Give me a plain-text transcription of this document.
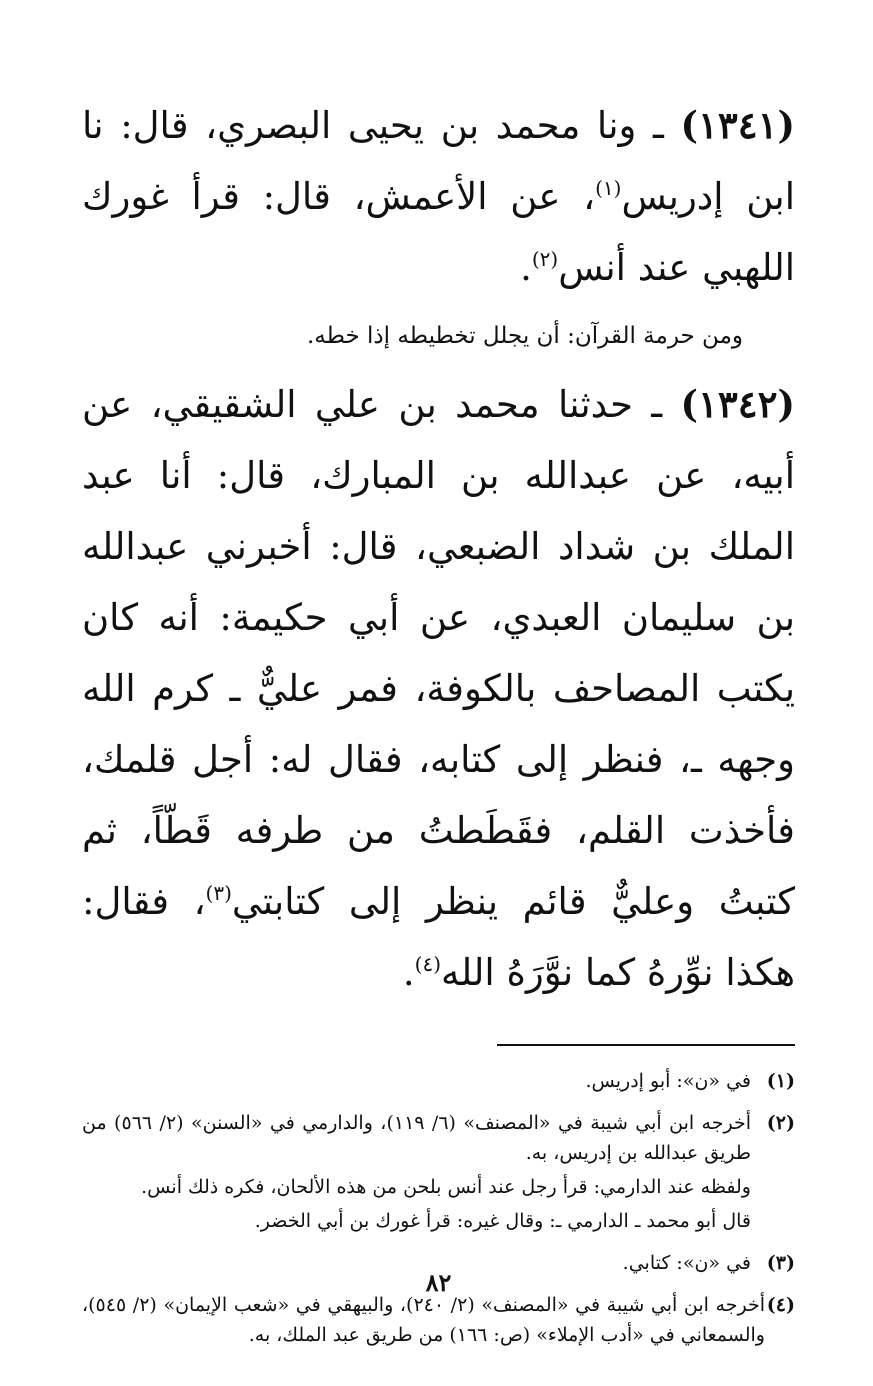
(١٣٤١) ـ ونا محمد بن يحيى البصري، قال: نا ابن إدريس$^{(١)}$، عن الأعمش، قال: قرأ غورك اللهبي عند أنس$^{(٢)}$.

ومن حرمة القرآن: أن يجلل تخطيطه إذا خطه.

(١٣٤٢) ـ حدثنا محمد بن علي الشقيقي، عن أبيه، عن عبدالله بن المبارك، قال: أنا عبد الملك بن شداد الضبعي، قال: أخبرني عبدالله بن سليمان العبدي، عن أبي حكيمة: أنه كان يكتب المصاحف بالكوفة، فمر عليٌّ ـ كرم الله وجهه ـ، فنظر إلى كتابه، فقال له: أجل قلمك، فأخذت القلم، فقَطَطتُ من طرفه قَطّاً، ثم كتبتُ وعليٌّ قائم ينظر إلى كتابتي$^{(٣)}$، فقال: هكذا نوِّرهُ كما نوَّرَهُ الله$^{(٤)}$.

(١)

في «ن»: أبو إدريس.

(٢)

أخرجه ابن أبي شيبة في «المصنف» (٦/ ١١٩)، والدارمي في «السنن» (٢/ ٥٦٦) من طريق عبدالله بن إدريس، به.

ولفظه عند الدارمي: قرأ رجل عند أنس بلحن من هذه الألحان، فكره ذلك أنس.

قال أبو محمد ـ الدارمي ـ: وقال غيره: قرأ غورك بن أبي الخضر.

(٣)

في «ن»: كتابي.

(٤)

أخرجه ابن أبي شيبة في «المصنف» (٢/ ٢٤٠)، والبيهقي في «شعب الإيمان» (٢/ ٥٤٥)، والسمعاني في «أدب الإملاء» (ص: ١٦٦) من طريق عبد الملك، به.

٨٢
